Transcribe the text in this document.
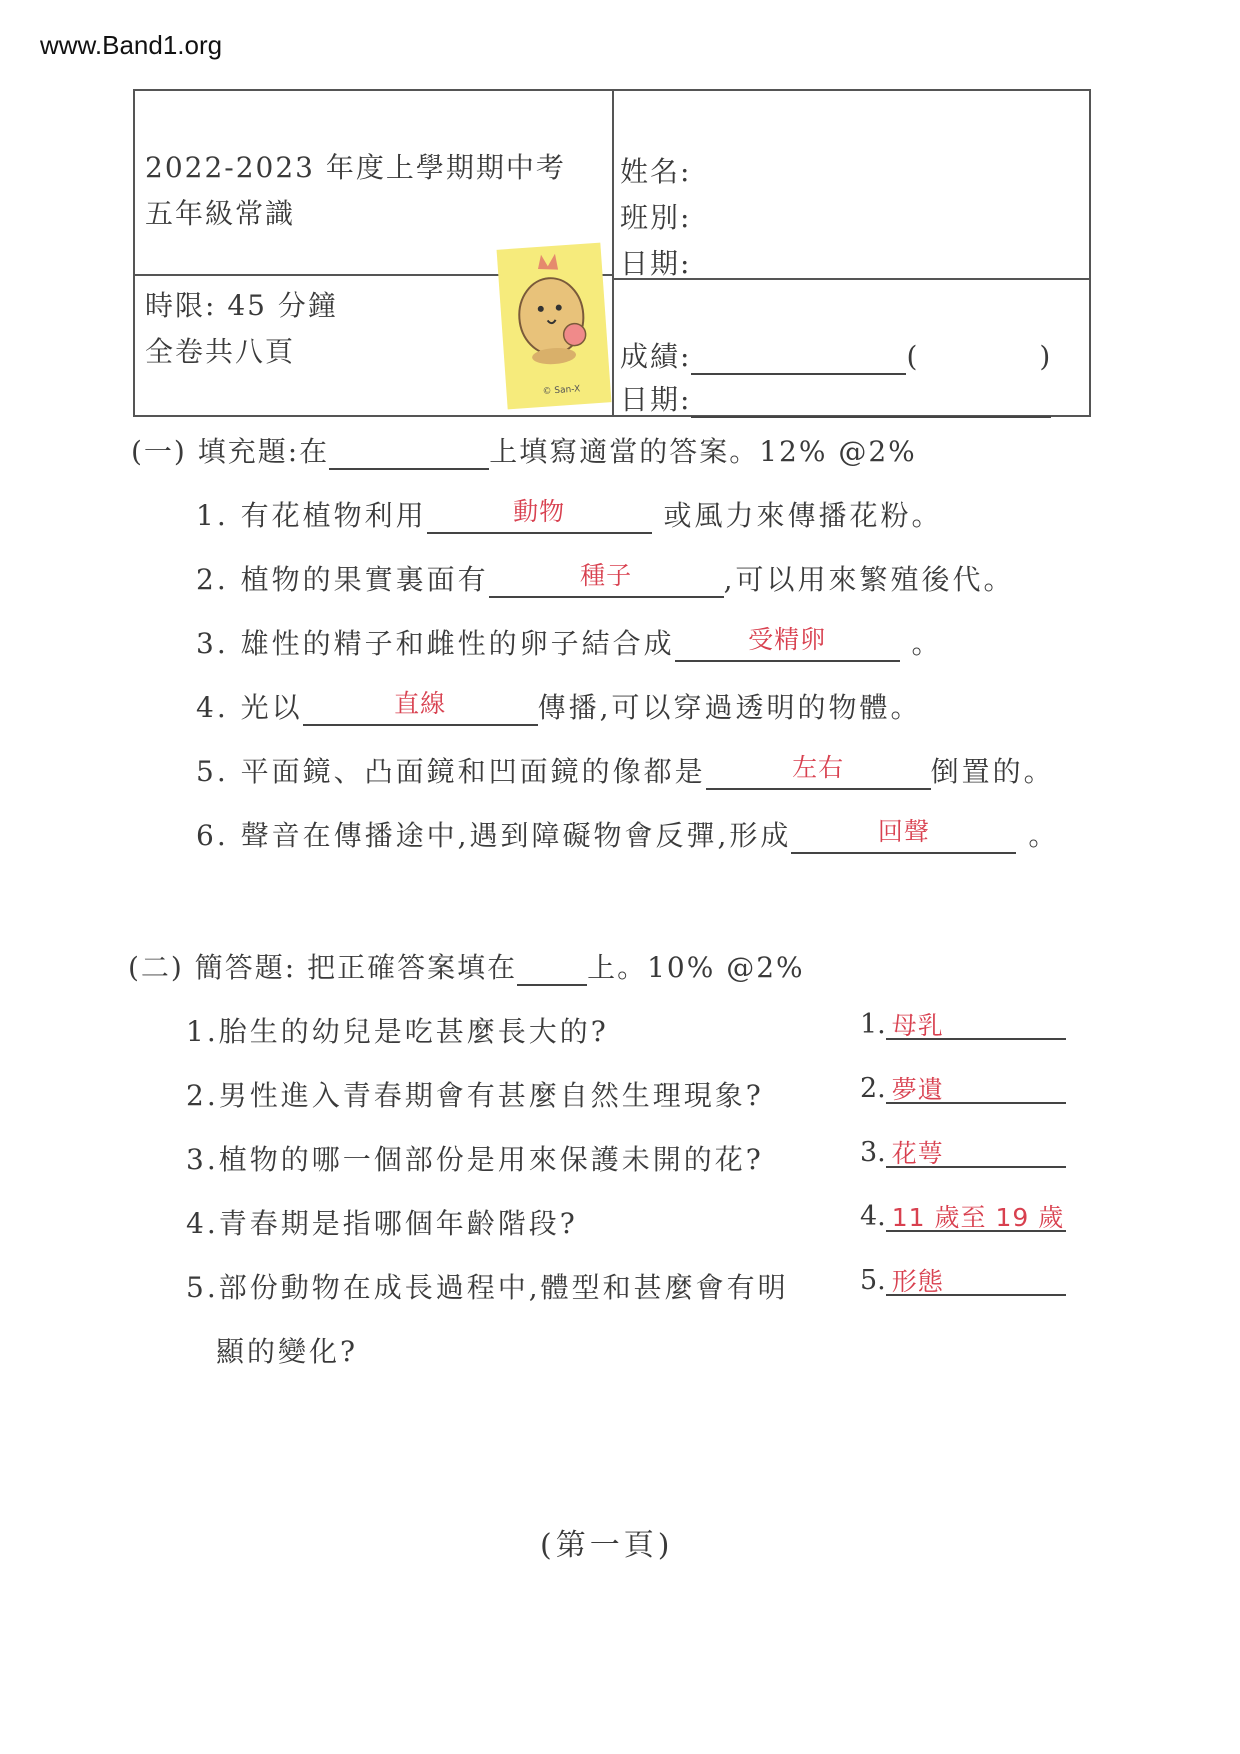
www.Band1.org
2022-2023 年度上學期期中考
五年級常識
時限: 45 分鐘
全卷共八頁
姓名:
班別:
日期:
成績:	(	)
日期:
© San-X
(一) 填充題:在	上填寫適當的答案。12% @2%
1. 有花植物利用	動物	或風力來傳播花粉。
2. 植物的果實裏面有	種子	,可以用來繁殖後代。
3. 雄性的精子和雌性的卵子結合成	受精卵	。
4. 光以	直線	傳播,可以穿過透明的物體。
5. 平面鏡、凸面鏡和凹面鏡的像都是	左右	倒置的。
6. 聲音在傳播途中,遇到障礙物會反彈,形成	回聲	。
(二) 簡答題: 把正確答案填在	上。10% @2%
1.胎生的幼兒是吃甚麼長大的?	1. 母乳
2.男性進入青春期會有甚麼自然生理現象?	2. 夢遺
3.植物的哪一個部份是用來保護未開的花?	3. 花萼
4.青春期是指哪個年齡階段?	4. 11 歲至 19 歲
5.部份動物在成長過程中,體型和甚麼會有明
顯的變化?
5. 形態
(第一頁)
